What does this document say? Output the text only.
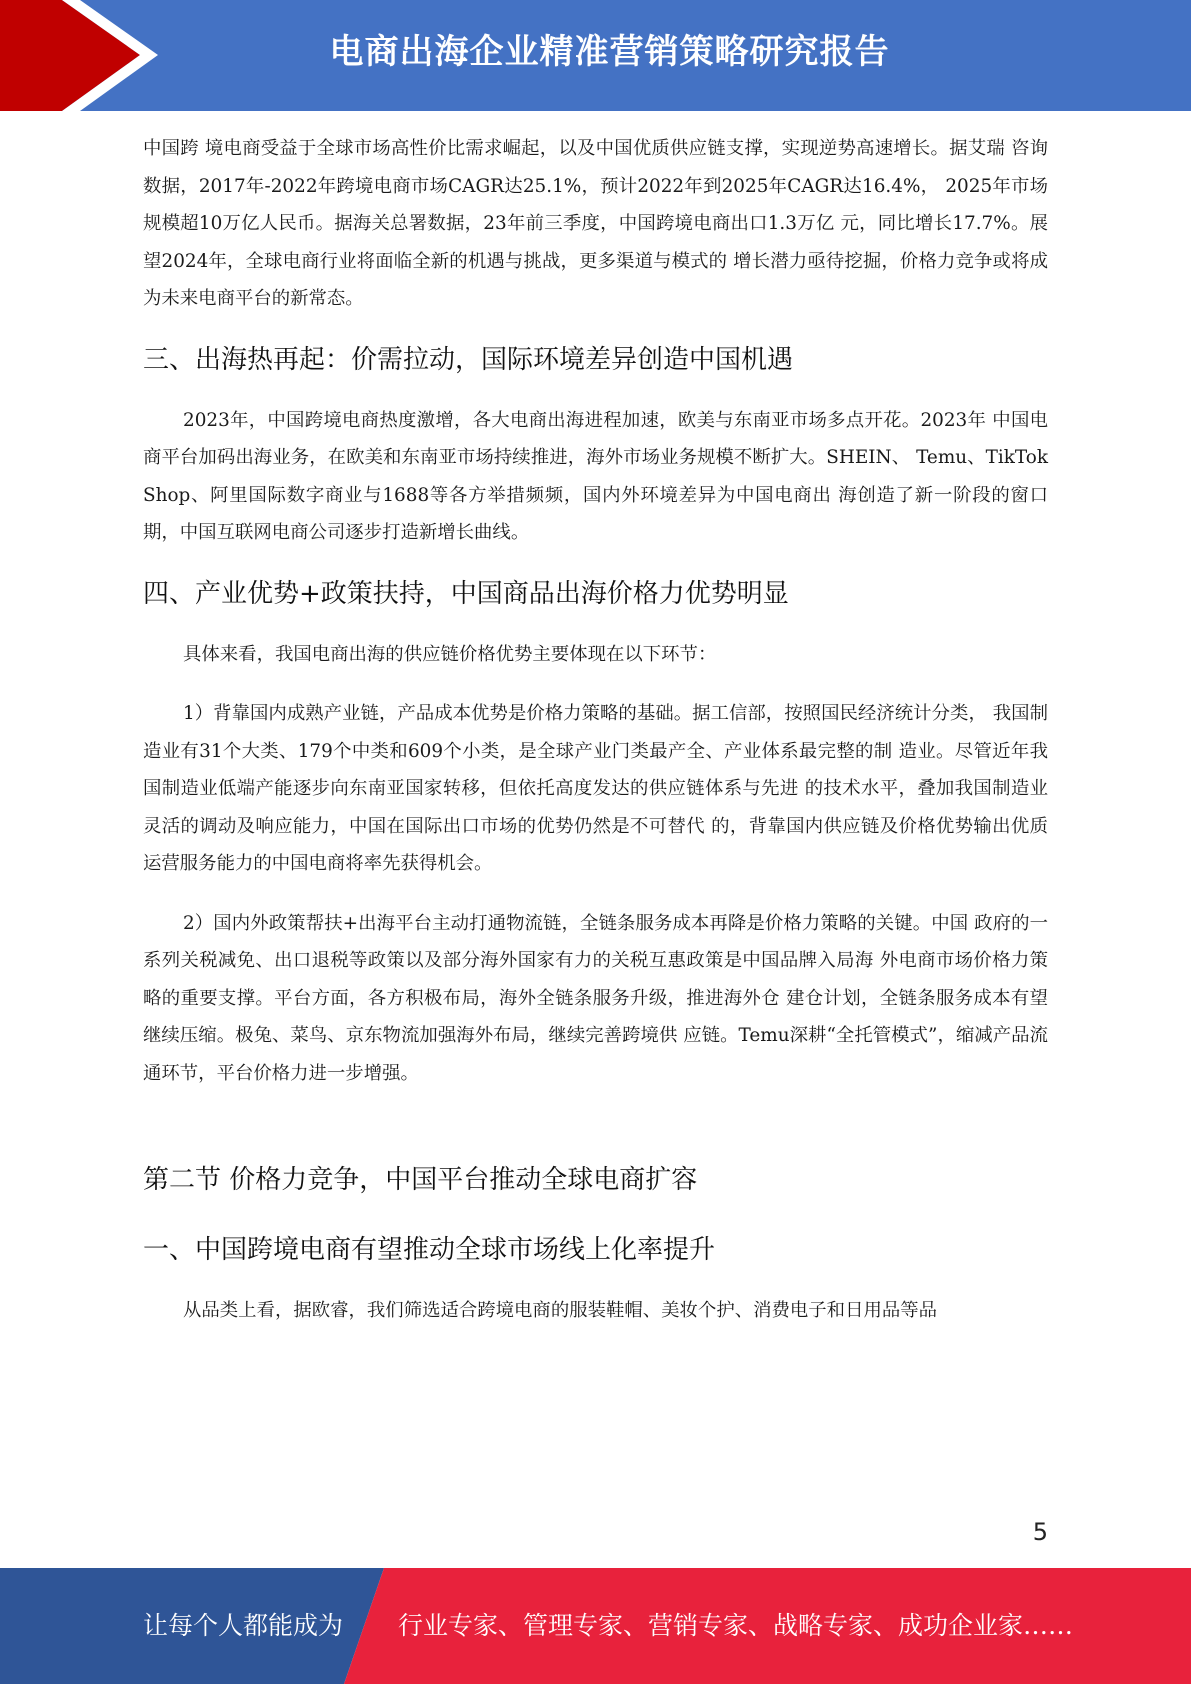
电商出海企业精准营销策略研究报告

中国跨 境电商受益于全球市场高性价比需求崛起，以及中国优质供应链支撑，实现逆势高速增长。据艾瑞 咨询数据，2017年-2022年跨境电商市场CAGR达25.1%，预计2022年到2025年CAGR达16.4%， 2025年市场规模超10万亿人民币。据海关总署数据，23年前三季度，中国跨境电商出口1.3万亿 元，同比增长17.7%。展望2024年，全球电商行业将面临全新的机遇与挑战，更多渠道与模式的 增长潜力亟待挖掘，价格力竞争或将成为未来电商平台的新常态。

三、出海热再起：价需拉动，国际环境差异创造中国机遇

2023年，中国跨境电商热度激增，各大电商出海进程加速，欧美与东南亚市场多点开花。2023年 中国电商平台加码出海业务，在欧美和东南亚市场持续推进，海外市场业务规模不断扩大。SHEIN、 Temu、TikTok Shop、阿里国际数字商业与1688等各方举措频频，国内外环境差异为中国电商出 海创造了新一阶段的窗口期，中国互联网电商公司逐步打造新增长曲线。

四、产业优势+政策扶持，中国商品出海价格力优势明显

具体来看，我国电商出海的供应链价格优势主要体现在以下环节：

1）背靠国内成熟产业链，产品成本优势是价格力策略的基础。据工信部，按照国民经济统计分类， 我国制造业有31个大类、179个中类和609个小类，是全球产业门类最产全、产业体系最完整的制 造业。尽管近年我国制造业低端产能逐步向东南亚国家转移，但依托高度发达的供应链体系与先进 的技术水平，叠加我国制造业灵活的调动及响应能力，中国在国际出口市场的优势仍然是不可替代 的，背靠国内供应链及价格优势输出优质运营服务能力的中国电商将率先获得机会。

2）国内外政策帮扶+出海平台主动打通物流链，全链条服务成本再降是价格力策略的关键。中国 政府的一系列关税减免、出口退税等政策以及部分海外国家有力的关税互惠政策是中国品牌入局海 外电商市场价格力策略的重要支撑。平台方面，各方积极布局，海外全链条服务升级，推进海外仓 建仓计划，全链条服务成本有望继续压缩。极兔、菜鸟、京东物流加强海外布局，继续完善跨境供 应链。Temu深耕“全托管模式”，缩减产品流通环节，平台价格力进一步增强。

第二节 价格力竞争，中国平台推动全球电商扩容
一、中国跨境电商有望推动全球市场线上化率提升

从品类上看，据欧睿，我们筛选适合跨境电商的服装鞋帽、美妆个护、消费电子和日用品等品

5
让每个人都能成为 行业专家、管理专家、营销专家、战略专家、成功企业家……
